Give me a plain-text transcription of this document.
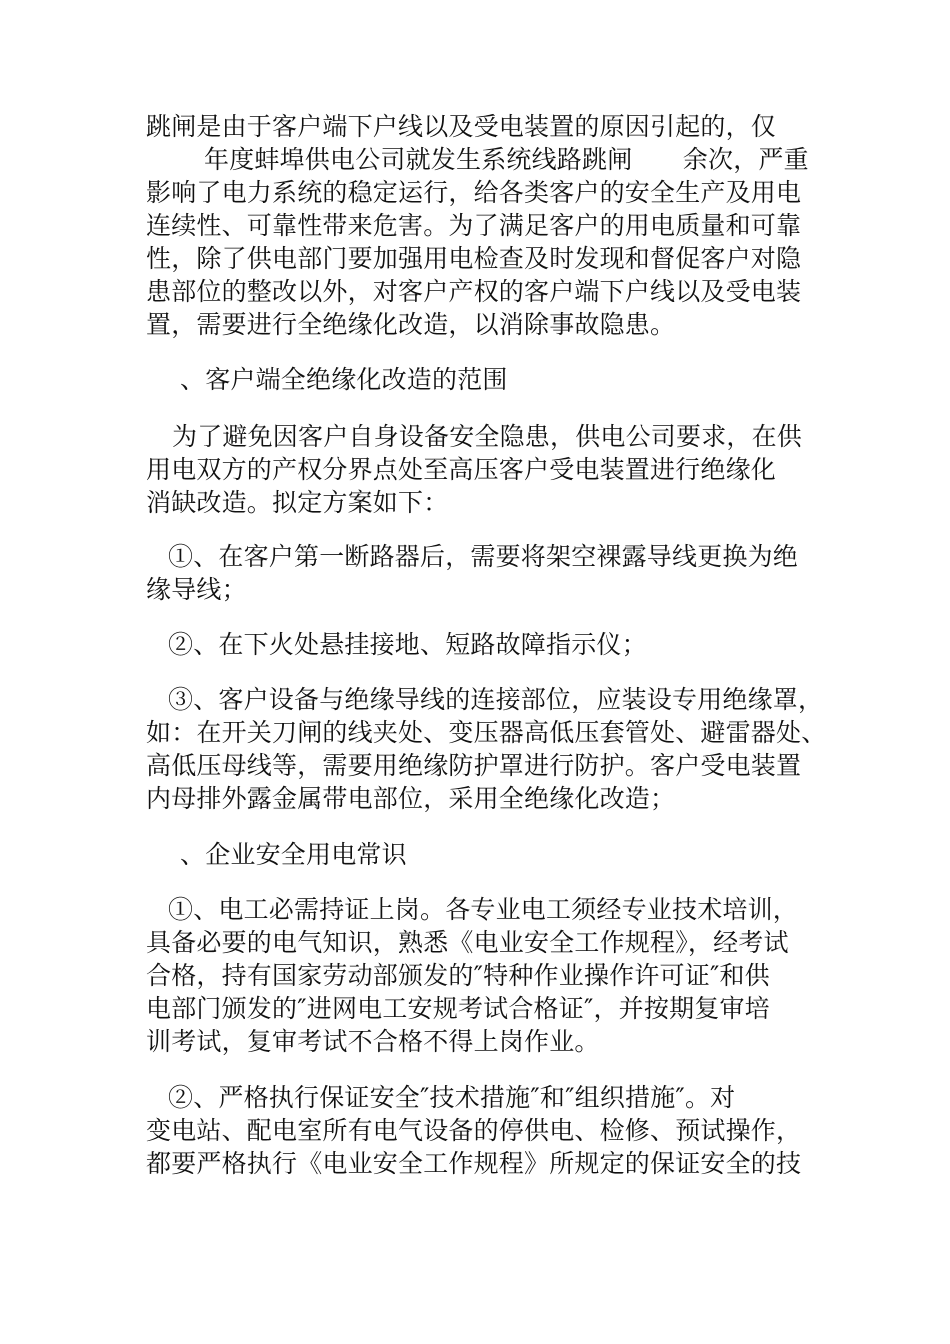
跳闸是由于客户端下户线以及受电装置的原因引起的，仅
年度蚌埠供电公司就发生系统线路跳闸　　余次，严重
影响了电力系统的稳定运行，给各类客户的安全生产及用电
连续性、可靠性带来危害。为了满足客户的用电质量和可靠
性，除了供电部门要加强用电检查及时发现和督促客户对隐
患部位的整改以外，对客户产权的客户端下户线以及受电装
置，需要进行全绝缘化改造，以消除事故隐患。
、客户端全绝缘化改造的范围
为了避免因客户自身设备安全隐患，供电公司要求，在供
用电双方的产权分界点处至高压客户受电装置进行绝缘化
消缺改造。拟定方案如下：
①、在客户第一断路器后，需要将架空裸露导线更换为绝
缘导线；
②、在下火处悬挂接地、短路故障指示仪；
③、客户设备与绝缘导线的连接部位，应装设专用绝缘罩，
如：在开关刀闸的线夹处、变压器高低压套管处、避雷器处、
高低压母线等，需要用绝缘防护罩进行防护。客户受电装置
内母排外露金属带电部位，采用全绝缘化改造；
、企业安全用电常识
①、电工必需持证上岗。各专业电工须经专业技术培训，
具备必要的电气知识，熟悉《电业安全工作规程》，经考试
合格，持有国家劳动部颁发的″特种作业操作许可证″和供
电部门颁发的″进网电工安规考试合格证″，并按期复审培
训考试，复审考试不合格不得上岗作业。
②、严格执行保证安全″技术措施″和″组织措施″。对
变电站、配电室所有电气设备的停供电、检修、预试操作，
都要严格执行《电业安全工作规程》所规定的保证安全的技
